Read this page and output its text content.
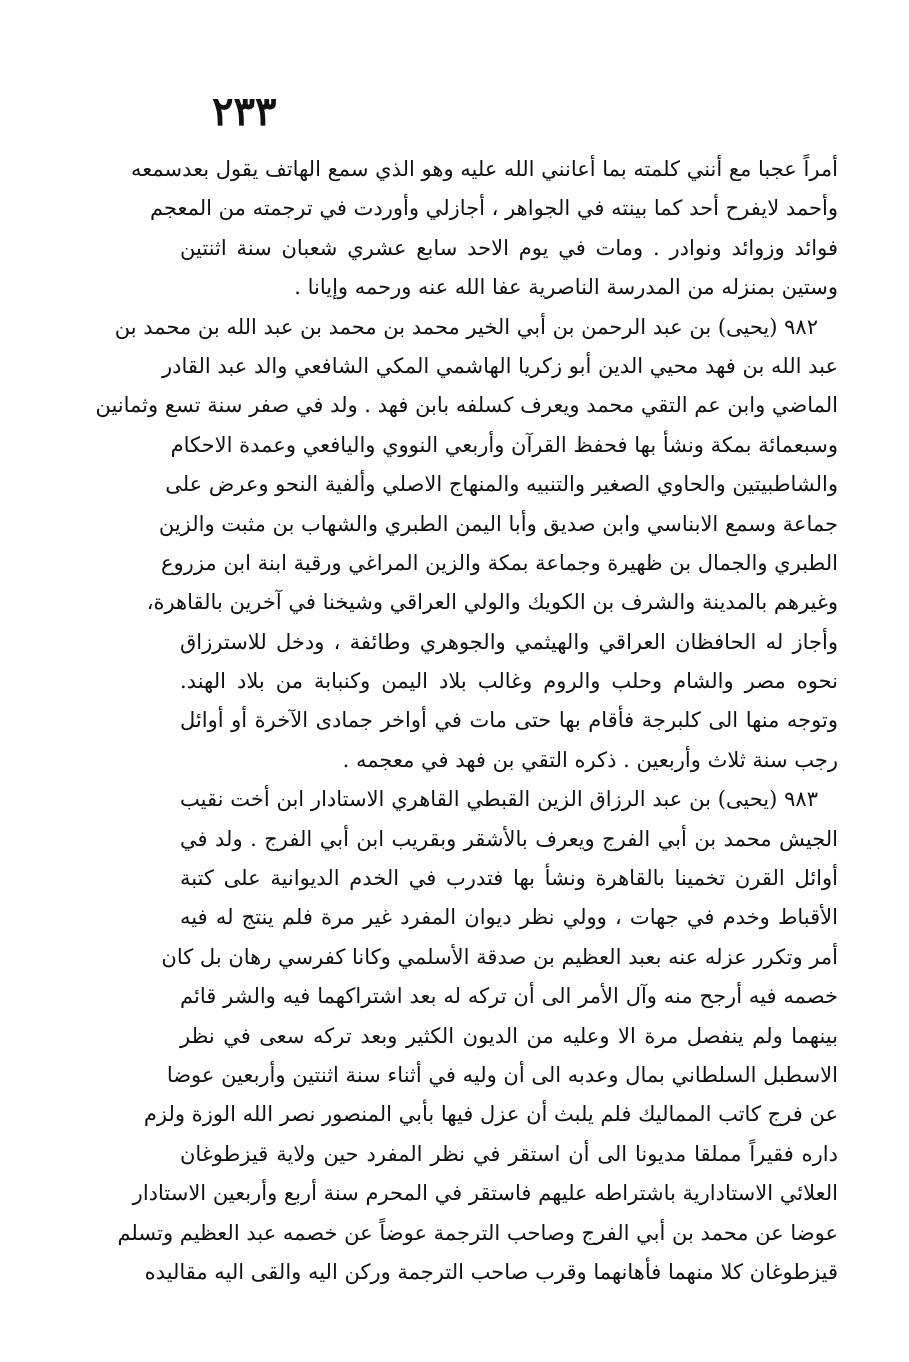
٢٣٣
أمراً عجبا مع أنني كلمته بما أعانني الله عليه وهو الذي سمع الهاتف يقول بعدسمعه
وأحمد لايفرح أحد كما بينته في الجواهر ، أجازلي وأوردت في ترجمته من المعجم
فوائد وزوائد ونوادر . ومات في يوم الاحد سابع عشري شعبان سنة اثنتين
وستين بمنزله من المدرسة الناصرية عفا الله عنه ورحمه وإيانا .
٩٨٢ (يحيى) بن عبد الرحمن بن أبي الخير محمد بن محمد بن عبد الله بن محمد بن
عبد الله بن فهد محيي الدين أبو زكريا الهاشمي المكي الشافعي والد عبد القادر
الماضي وابن عم التقي محمد ويعرف كسلفه بابن فهد . ولد في صفر سنة تسع وثمانين
وسبعمائة بمكة ونشأ بها فحفظ القرآن وأربعي النووي واليافعي وعمدة الاحكام
والشاطبيتين والحاوي الصغير والتنبيه والمنهاج الاصلي وألفية النحو وعرض على
جماعة وسمع الابناسي وابن صديق وأبا اليمن الطبري والشهاب بن مثبت والزين
الطبري والجمال بن ظهيرة وجماعة بمكة والزين المراغي ورقية ابنة ابن مزروع
وغيرهم بالمدينة والشرف بن الكويك والولي العراقي وشيخنا في آخرين بالقاهرة،
وأجاز له الحافظان العراقي والهيثمي والجوهري وطائفة ، ودخل للاسترزاق
نحوه مصر والشام وحلب والروم وغالب بلاد اليمن وكنبابة من بلاد الهند.
وتوجه منها الى كلبرجة فأقام بها حتى مات في أواخر جمادى الآخرة أو أوائل
رجب سنة ثلاث وأربعين . ذكره التقي بن فهد في معجمه .
٩٨٣ (يحيى) بن عبد الرزاق الزين القبطي القاهري الاستادار ابن أخت نقيب
الجيش محمد بن أبي الفرج ويعرف بالأشقر وبقريب ابن أبي الفرج . ولد في
أوائل القرن تخمينا بالقاهرة ونشأ بها فتدرب في الخدم الديوانية على كتبة
الأقباط وخدم في جهات ، وولي نظر ديوان المفرد غير مرة فلم ينتج له فيه
أمر وتكرر عزله عنه بعبد العظيم بن صدقة الأسلمي وكانا كفرسي رهان بل كان
خصمه فيه أرجح منه وآل الأمر الى أن تركه له بعد اشتراكهما فيه والشر قائم
بينهما ولم ينفصل مرة الا وعليه من الديون الكثير وبعد تركه سعى في نظر
الاسطبل السلطاني بمال وعدبه الى أن وليه في أثناء سنة اثنتين وأربعين عوضا
عن فرج كاتب المماليك فلم يلبث أن عزل فيها بأبي المنصور نصر الله الوزة ولزم
داره فقيراً مملقا مديونا الى أن استقر في نظر المفرد حين ولاية قيزطوغان
العلائي الاستادارية باشتراطه عليهم فاستقر في المحرم سنة أربع وأربعين الاستادار
عوضا عن محمد بن أبي الفرج وصاحب الترجمة عوضاً عن خصمه عبد العظيم وتسلم
قيزطوغان كلا منهما فأهانهما وقرب صاحب الترجمة وركن اليه والقى اليه مقاليده
